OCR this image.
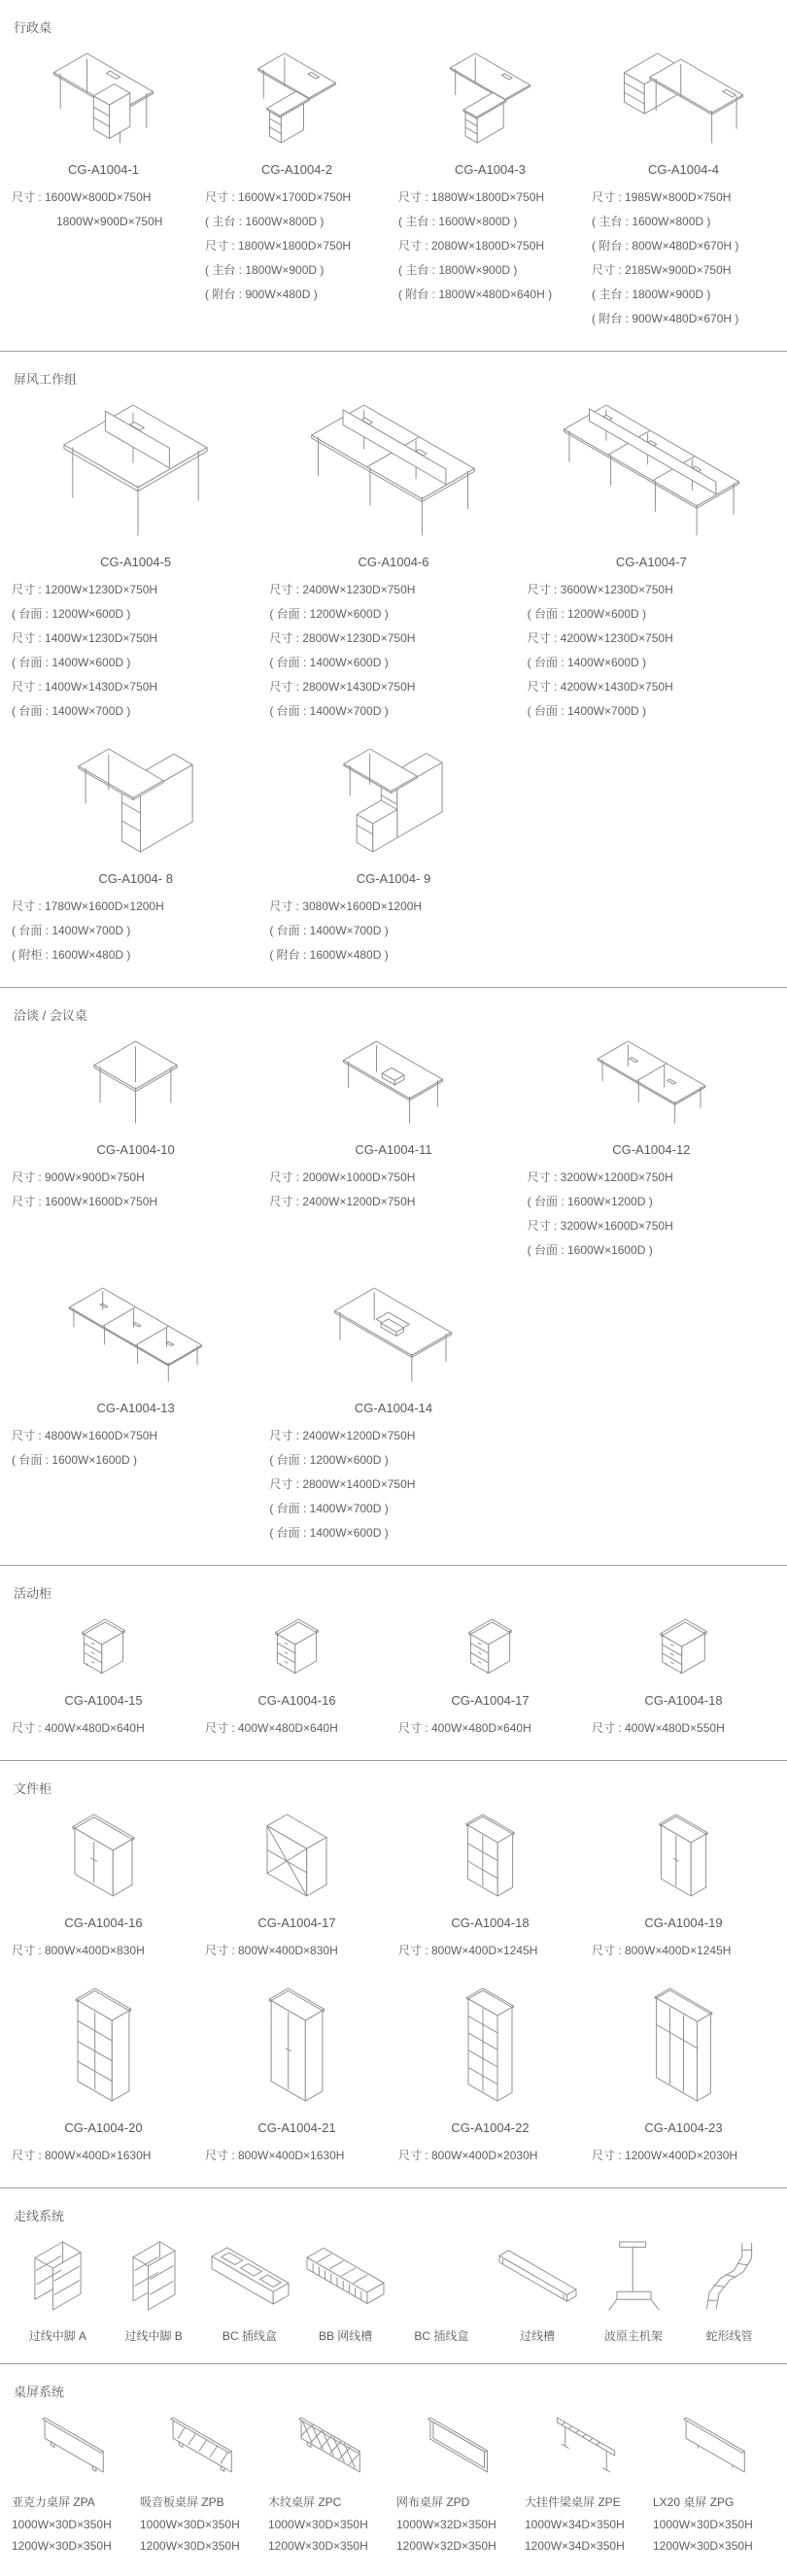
行政桌
CG-A1004-1
尺寸 : 1600W×800D×750H
1800W×900D×750H
CG-A1004-2
尺寸 : 1600W×1700D×750H
( 主台 : 1600W×800D )
尺寸 : 1800W×1800D×750H
( 主台 : 1800W×900D )
( 附台 : 900W×480D )
CG-A1004-3
尺寸 : 1880W×1800D×750H
( 主台 : 1600W×800D )
尺寸 : 2080W×1800D×750H
( 主台 : 1800W×900D )
( 附台 : 1800W×480D×640H )
CG-A1004-4
尺寸 : 1985W×800D×750H
( 主台 : 1600W×800D )
( 附台 : 800W×480D×670H )
尺寸 : 2185W×900D×750H
( 主台 : 1800W×900D )
( 附台 : 900W×480D×670H )
屏风工作组
CG-A1004-5
尺寸 : 1200W×1230D×750H
( 台面 : 1200W×600D )
尺寸 : 1400W×1230D×750H
( 台面 : 1400W×600D )
尺寸 : 1400W×1430D×750H
( 台面 : 1400W×700D )
CG-A1004-6
尺寸 : 2400W×1230D×750H
( 台面 : 1200W×600D )
尺寸 : 2800W×1230D×750H
( 台面 : 1400W×600D )
尺寸 : 2800W×1430D×750H
( 台面 : 1400W×700D )
CG-A1004-7
尺寸 : 3600W×1230D×750H
( 台面 : 1200W×600D )
尺寸 : 4200W×1230D×750H
( 台面 : 1400W×600D )
尺寸 : 4200W×1430D×750H
( 台面 : 1400W×700D )
CG-A1004- 8
尺寸 : 1780W×1600D×1200H
( 台面 : 1400W×700D )
( 附柜 : 1600W×480D )
CG-A1004- 9
尺寸 : 3080W×1600D×1200H
( 台面 : 1400W×700D )
( 附台 : 1600W×480D )
洽谈 / 会议桌
CG-A1004-10
尺寸 : 900W×900D×750H
尺寸 : 1600W×1600D×750H
CG-A1004-11
尺寸 : 2000W×1000D×750H
尺寸 : 2400W×1200D×750H
CG-A1004-12
尺寸 : 3200W×1200D×750H
( 台面 : 1600W×1200D )
尺寸 : 3200W×1600D×750H
( 台面 : 1600W×1600D )
CG-A1004-13
尺寸 : 4800W×1600D×750H
( 台面 : 1600W×1600D )
CG-A1004-14
尺寸 : 2400W×1200D×750H
( 台面 : 1200W×600D )
尺寸 : 2800W×1400D×750H
( 台面 : 1400W×700D )
( 台面 : 1400W×600D )
活动柜
CG-A1004-15
尺寸 : 400W×480D×640H
CG-A1004-16
尺寸 : 400W×480D×640H
CG-A1004-17
尺寸 : 400W×480D×640H
CG-A1004-18
尺寸 : 400W×480D×550H
文件柜
CG-A1004-16
尺寸 : 800W×400D×830H
CG-A1004-17
尺寸 : 800W×400D×830H
CG-A1004-18
尺寸 : 800W×400D×1245H
CG-A1004-19
尺寸 : 800W×400D×1245H
CG-A1004-20
尺寸 : 800W×400D×1630H
CG-A1004-21
尺寸 : 800W×400D×1630H
CG-A1004-22
尺寸 : 800W×400D×2030H
CG-A1004-23
尺寸 : 1200W×400D×2030H
走线系统
过线中脚 A	过线中脚 B	BC 插线盒	BB 网线槽	BC 插线盒	过线槽	波原主机架	蛇形线管
桌屏系统
亚克力桌屏 ZPA
1000W×30D×350H
1200W×30D×350H
吸音板桌屏 ZPB
1000W×30D×350H
1200W×30D×350H
木纹桌屏 ZPC
1000W×30D×350H
1200W×30D×350H
网布桌屏 ZPD
1000W×32D×350H
1200W×32D×350H
大挂件梁桌屏 ZPE
1000W×34D×350H
1200W×34D×350H
LX20 桌屏 ZPG
1000W×30D×350H
1200W×30D×350H
